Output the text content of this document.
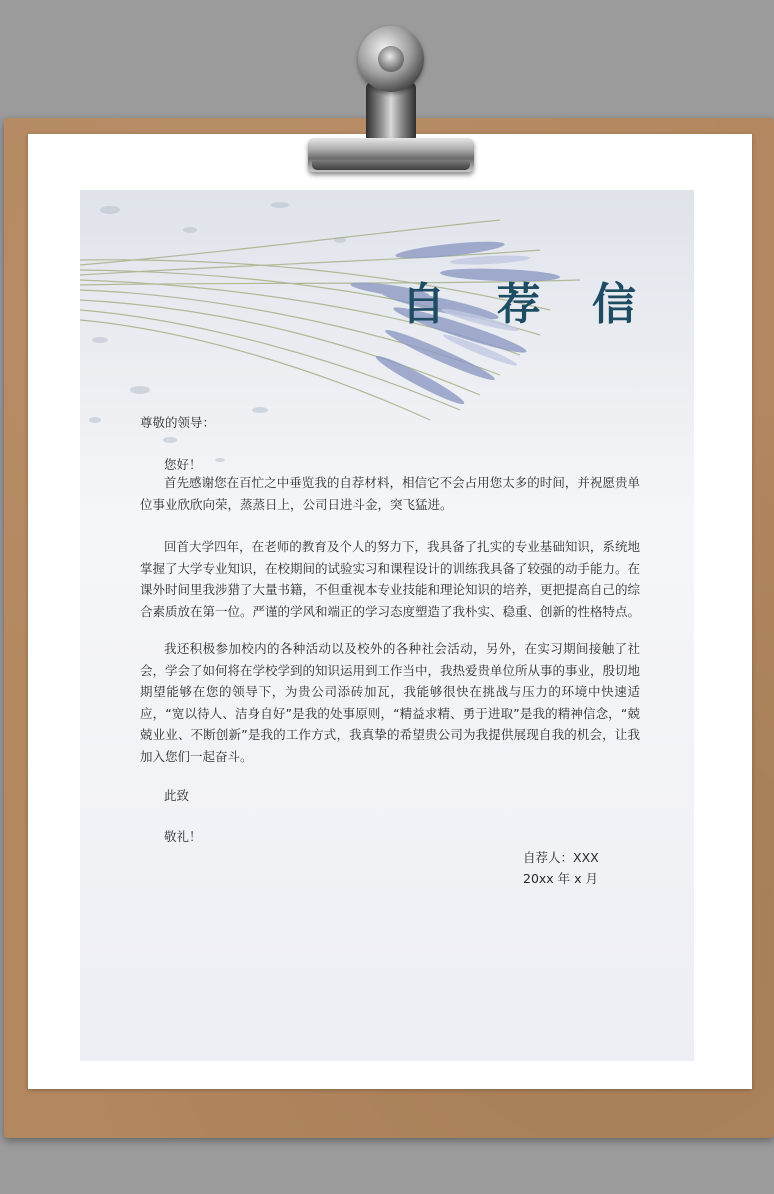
自 荐 信
尊敬的领导：
您好！
首先感谢您在百忙之中垂览我的自荐材料，相信它不会占用您太多的时间，并祝愿贵单位事业欣欣向荣，蒸蒸日上，公司日进斗金，突飞猛进。
回首大学四年，在老师的教育及个人的努力下，我具备了扎实的专业基础知识，系统地掌握了大学专业知识，在校期间的试验实习和课程设计的训练我具备了较强的动手能力。在课外时间里我涉猎了大量书籍，不但重视本专业技能和理论知识的培养，更把提高自己的综合素质放在第一位。严谨的学风和端正的学习态度塑造了我朴实、稳重、创新的性格特点。
我还积极参加校内的各种活动以及校外的各种社会活动，另外，在实习期间接触了社会，学会了如何将在学校学到的知识运用到工作当中，我热爱贵单位所从事的事业，殷切地期望能够在您的领导下，为贵公司添砖加瓦，我能够很快在挑战与压力的环境中快速适应，“宽以待人、洁身自好”是我的处事原则，“精益求精、勇于进取”是我的精神信念，“兢兢业业、不断创新”是我的工作方式，我真挚的希望贵公司为我提供展现自我的机会，让我加入您们一起奋斗。
此致
敬礼！
自荐人：XXX
20xx 年 x 月
